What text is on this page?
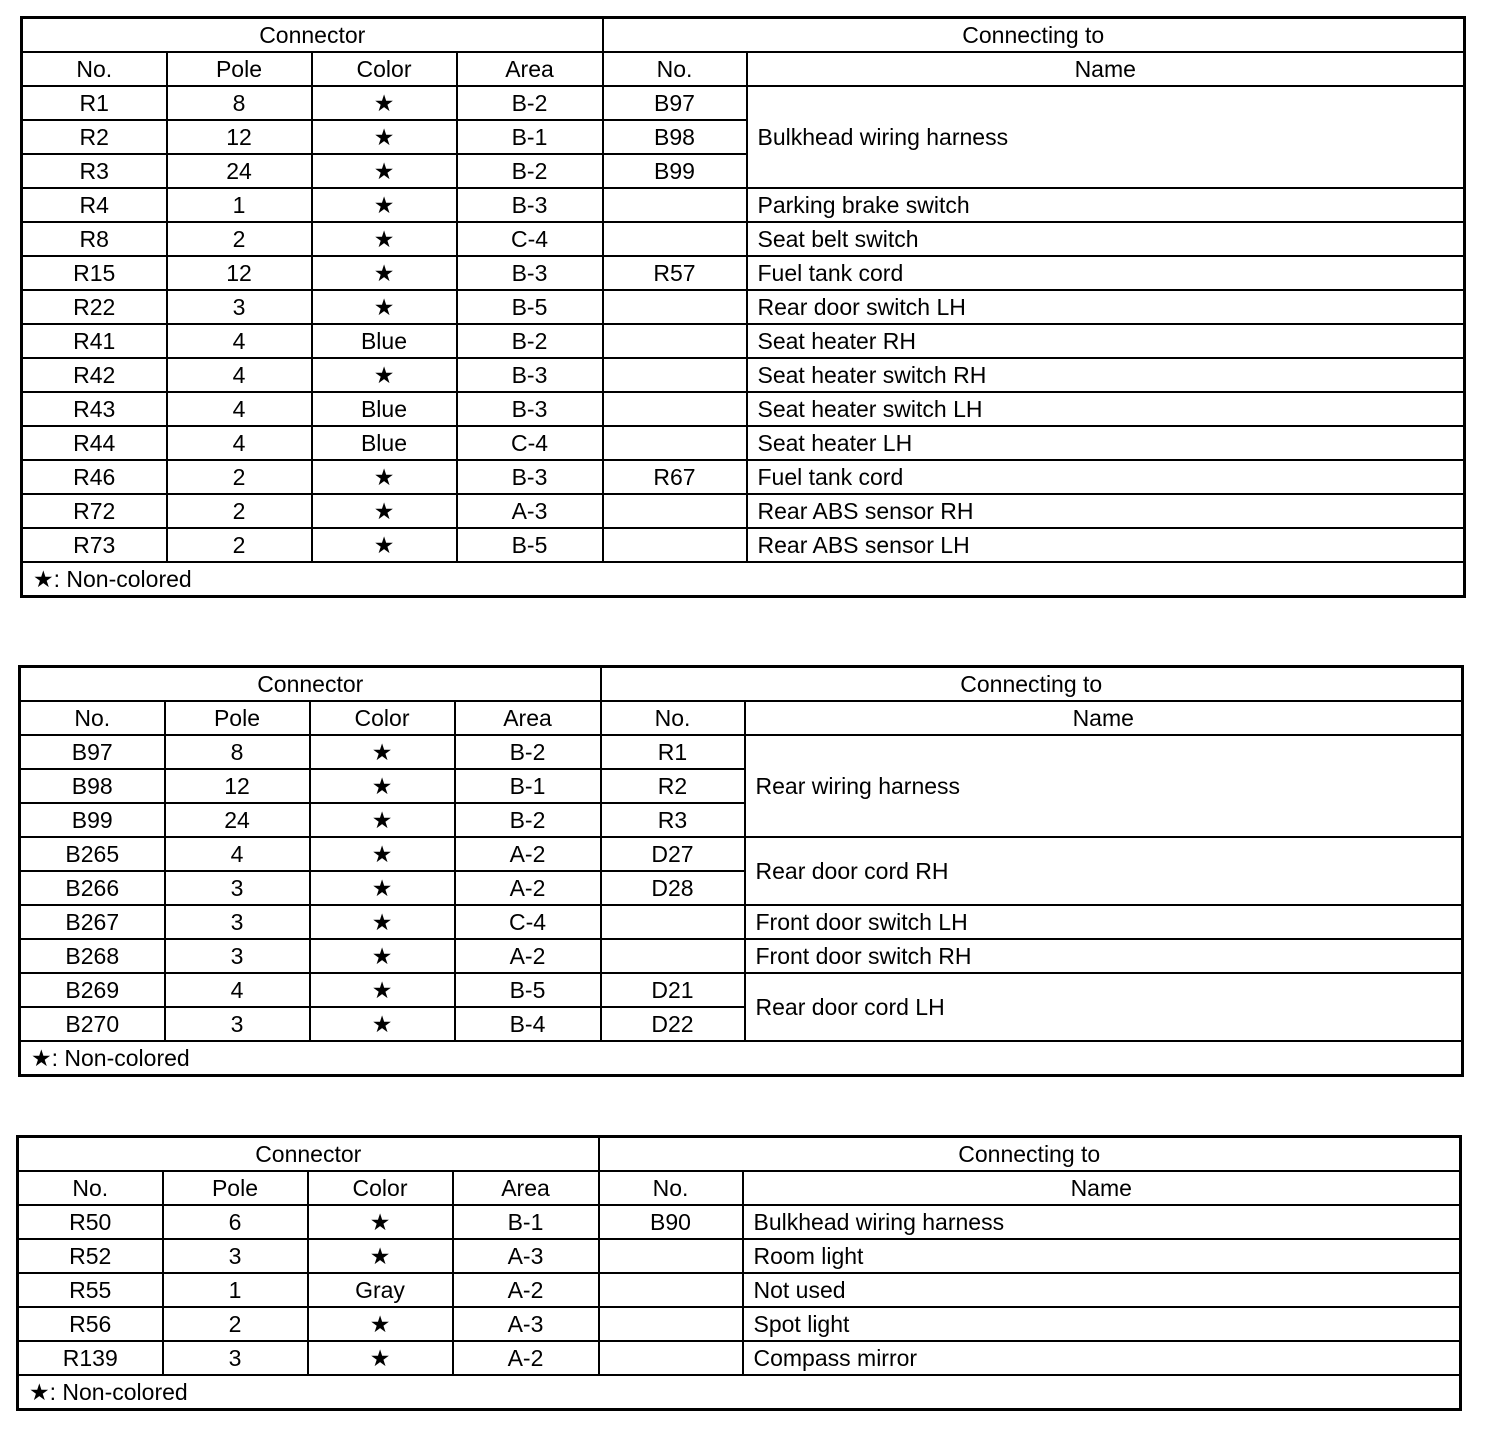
Connector				Connecting to	
No.	Pole	Color	Area	No.	Name
R1	8	★	B-2	B97	Bulkhead wiring harness
R2	12	★	B-1	B98	
R3	24	★	B-2	B99	
R4	1	★	B-3		Parking brake switch
R8	2	★	C-4		Seat belt switch
R15	12	★	B-3	R57	Fuel tank cord
R22	3	★	B-5		Rear door switch LH
R41	4	Blue	B-2		Seat heater RH
R42	4	★	B-3		Seat heater switch RH
R43	4	Blue	B-3		Seat heater switch LH
R44	4	Blue	C-4		Seat heater LH
R46	2	★	B-3	R67	Fuel tank cord
R72	2	★	A-3		Rear ABS sensor RH
R73	2	★	B-5		Rear ABS sensor LH
★: Non-colored					
Connector				Connecting to	
No.	Pole	Color	Area	No.	Name
B97	8	★	B-2	R1	Rear wiring harness
B98	12	★	B-1	R2	
B99	24	★	B-2	R3	
B265	4	★	A-2	D27	Rear door cord RH
B266	3	★	A-2	D28	
B267	3	★	C-4		Front door switch LH
B268	3	★	A-2		Front door switch RH
B269	4	★	B-5	D21	Rear door cord LH
B270	3	★	B-4	D22	
★: Non-colored					
Connector				Connecting to	
No.	Pole	Color	Area	No.	Name
R50	6	★	B-1	B90	Bulkhead wiring harness
R52	3	★	A-3		Room light
R55	1	Gray	A-2		Not used
R56	2	★	A-3		Spot light
R139	3	★	A-2		Compass mirror
★: Non-colored					
